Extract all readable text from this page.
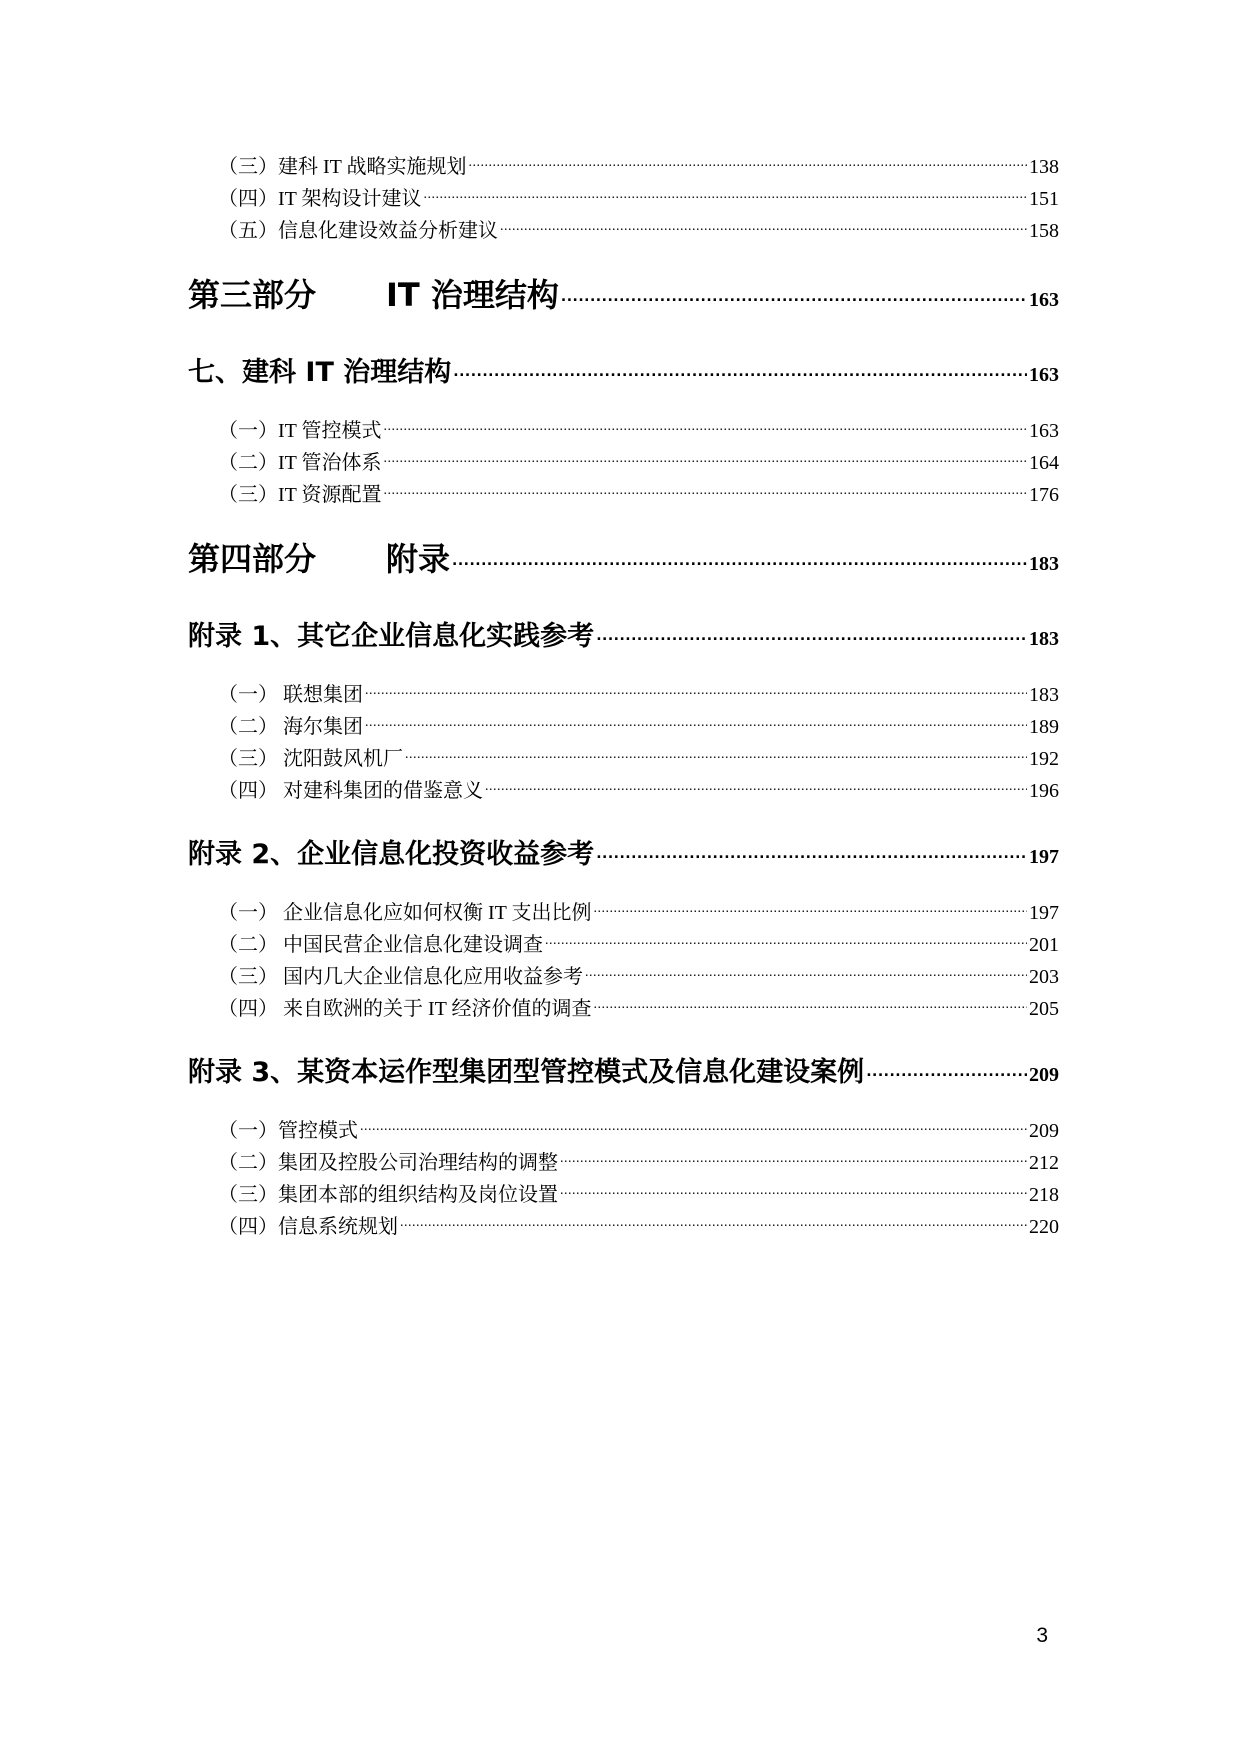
（三）建科 IT 战略实施规划 .....	138
（四）IT 架构设计建议 .....	151
（五）信息化建设效益分析建议 .....	158
第三部分 IT 治理结构 .....	163
七、建科 IT 治理结构 .....	163
（一）IT 管控模式 .....	163
（二）IT 管治体系 .....	164
（三）IT 资源配置 .....	176
第四部分 附录 .....	183
附录 1、其它企业信息化实践参考 .....	183
（一） 联想集团 .....	183
（二） 海尔集团 .....	189
（三） 沈阳鼓风机厂 .....	192
（四） 对建科集团的借鉴意义 .....	196
附录 2、企业信息化投资收益参考 .....	197
（一） 企业信息化应如何权衡 IT 支出比例 .....	197
（二） 中国民营企业信息化建设调查 .....	201
（三） 国内几大企业信息化应用收益参考 .....	203
（四） 来自欧洲的关于 IT 经济价值的调查 .....	205
附录 3、某资本运作型集团型管控模式及信息化建设案例 .....	209
（一）管控模式 .....	209
（二）集团及控股公司治理结构的调整 .....	212
（三）集团本部的组织结构及岗位设置 .....	218
（四）信息系统规划 .....	220
3
